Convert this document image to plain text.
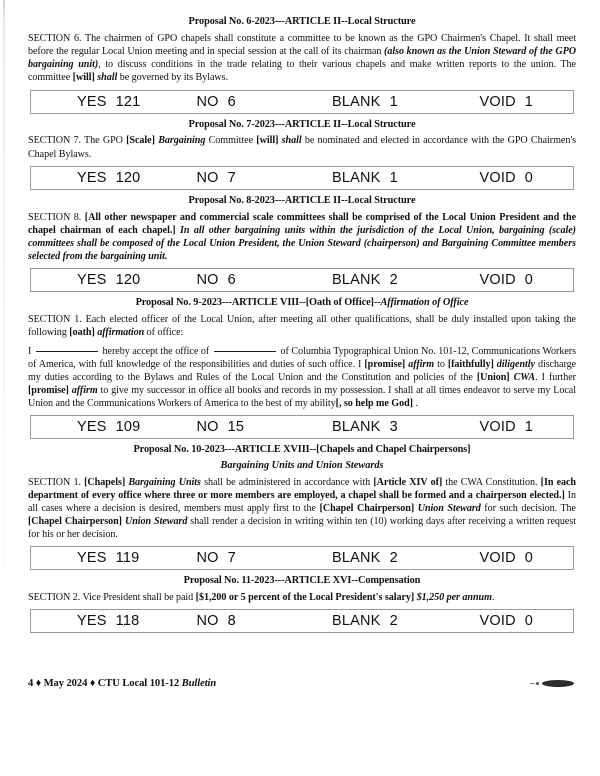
Proposal No. 6-2023---ARTICLE II--Local Structure

SECTION 6. The chairmen of GPO chapels shall constitute a committee to be known as the GPO Chairmen's Chapel. It shall meet before the regular Local Union meeting and in special session at the call of its chairman (also known as the Union Steward of the GPO bargaining unit), to discuss conditions in the trade relating to their various chapels and make written reports to the union. The committee [will] shall be governed by its Bylaws.

YES 121	NO 6	BLANK 1	VOID 1
Proposal No. 7-2023---ARTICLE II--Local Structure

SECTION 7. The GPO [Scale] Bargaining Committee [will] shall be nominated and elected in accordance with the GPO Chairmen's Chapel Bylaws.

YES 120	NO 7	BLANK 1	VOID 0
Proposal No. 8-2023---ARTICLE II--Local Structure

SECTION 8. [All other newspaper and commercial scale committees shall be comprised of the Local Union President and the chapel chairman of each chapel.] In all other bargaining units within the jurisdiction of the Local Union, bargaining (scale) committees shall be composed of the Local Union President, the Union Steward (chairperson) and Bargaining Committee members selected from the bargaining unit.

YES 120	NO 6	BLANK 2	VOID 0
Proposal No. 9-2023---ARTICLE VIII--[Oath of Office]--Affirmation of Office

SECTION 1. Each elected officer of the Local Union, after meeting all other qualifications, shall be duly installed upon taking the following [oath] affirmation of office:

I	hereby accept the office of	of Columbia Typographical Union No. 101-12, Communications Workers of America, with full knowledge of the responsibilities and duties of such office. I [promise] affirm to [faithfully] diligently discharge my duties according to the Bylaws and Rules of the Local Union and the Constitution and policies of the [Union] CWA. I further [promise] affirm to give my successor in office all books and records in my possession. I shall at all times endeavor to serve my Local Union and the Communications Workers of America to the best of my ability[, so help me God] .

YES 109	NO 15	BLANK 3	VOID 1
Proposal No. 10-2023---ARTICLE XVIII--[Chapels and Chapel Chairpersons]
Bargaining Units and Union Stewards

SECTION 1. [Chapels] Bargaining Units shall be administered in accordance with [Article XIV of] the CWA Constitution. [In each department of every office where three or more members are employed, a chapel shall be formed and a chairperson elected.] In all cases where a decision is desired, members must apply first to the [Chapel Chairperson] Union Steward for such decision. The [Chapel Chairperson] Union Steward shall render a decision in writing within ten (10) working days after receiving a written request for his or her decision.

YES 119	NO 7	BLANK 2	VOID 0
Proposal No. 11-2023---ARTICLE XVI--Compensation

SECTION 2. Vice President shall be paid [$1,200 or 5 percent of the Local President's salary] $1,250 per annum.

YES 118	NO 8	BLANK 2	VOID 0
4 ♦ May 2024 ♦ CTU Local 101-12 Bulletin
